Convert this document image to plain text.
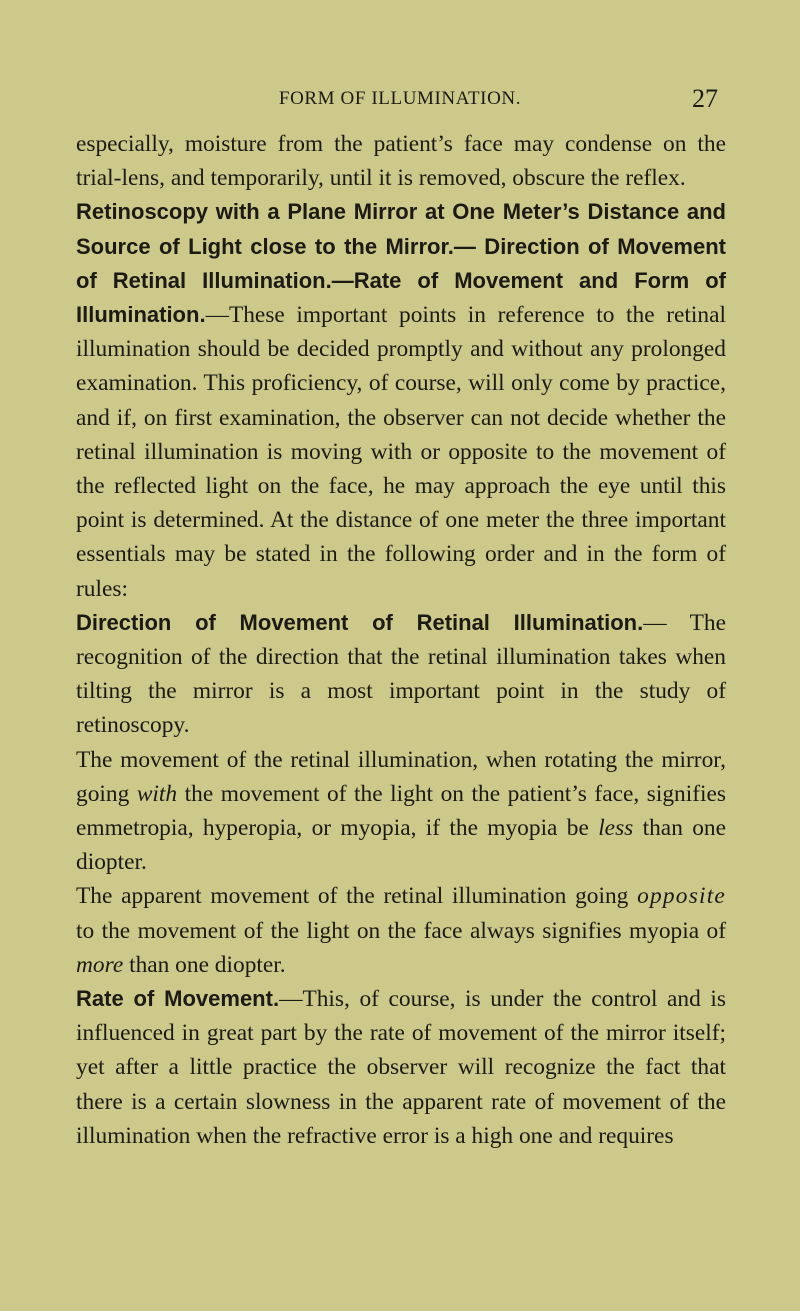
FORM OF ILLUMINATION.	27

especially, moisture from the patient’s face may condense on the trial-lens, and temporarily, until it is removed, obscure the reflex.

Retinoscopy with a Plane Mirror at One Meter’s Distance and Source of Light close to the Mirror.— Direction of Movement of Retinal Illumination.—Rate of Movement and Form of Illumination.—These important points in reference to the retinal illumination should be decided promptly and without any prolonged examination. This proficiency, of course, will only come by practice, and if, on first examination, the observer can not decide whether the retinal illumination is moving with or opposite to the movement of the reflected light on the face, he may approach the eye until this point is determined. At the distance of one meter the three important essentials may be stated in the following order and in the form of rules:

Direction of Movement of Retinal Illumination.— The recognition of the direction that the retinal illumination takes when tilting the mirror is a most important point in the study of retinoscopy.

The movement of the retinal illumination, when rotating the mirror, going with the movement of the light on the patient’s face, signifies emmetropia, hyperopia, or myopia, if the myopia be less than one diopter.

The apparent movement of the retinal illumination going opposite to the movement of the light on the face always signifies myopia of more than one diopter.

Rate of Movement.—This, of course, is under the control and is influenced in great part by the rate of movement of the mirror itself; yet after a little practice the observer will recognize the fact that there is a certain slowness in the apparent rate of movement of the illumination when the refractive error is a high one and requires
